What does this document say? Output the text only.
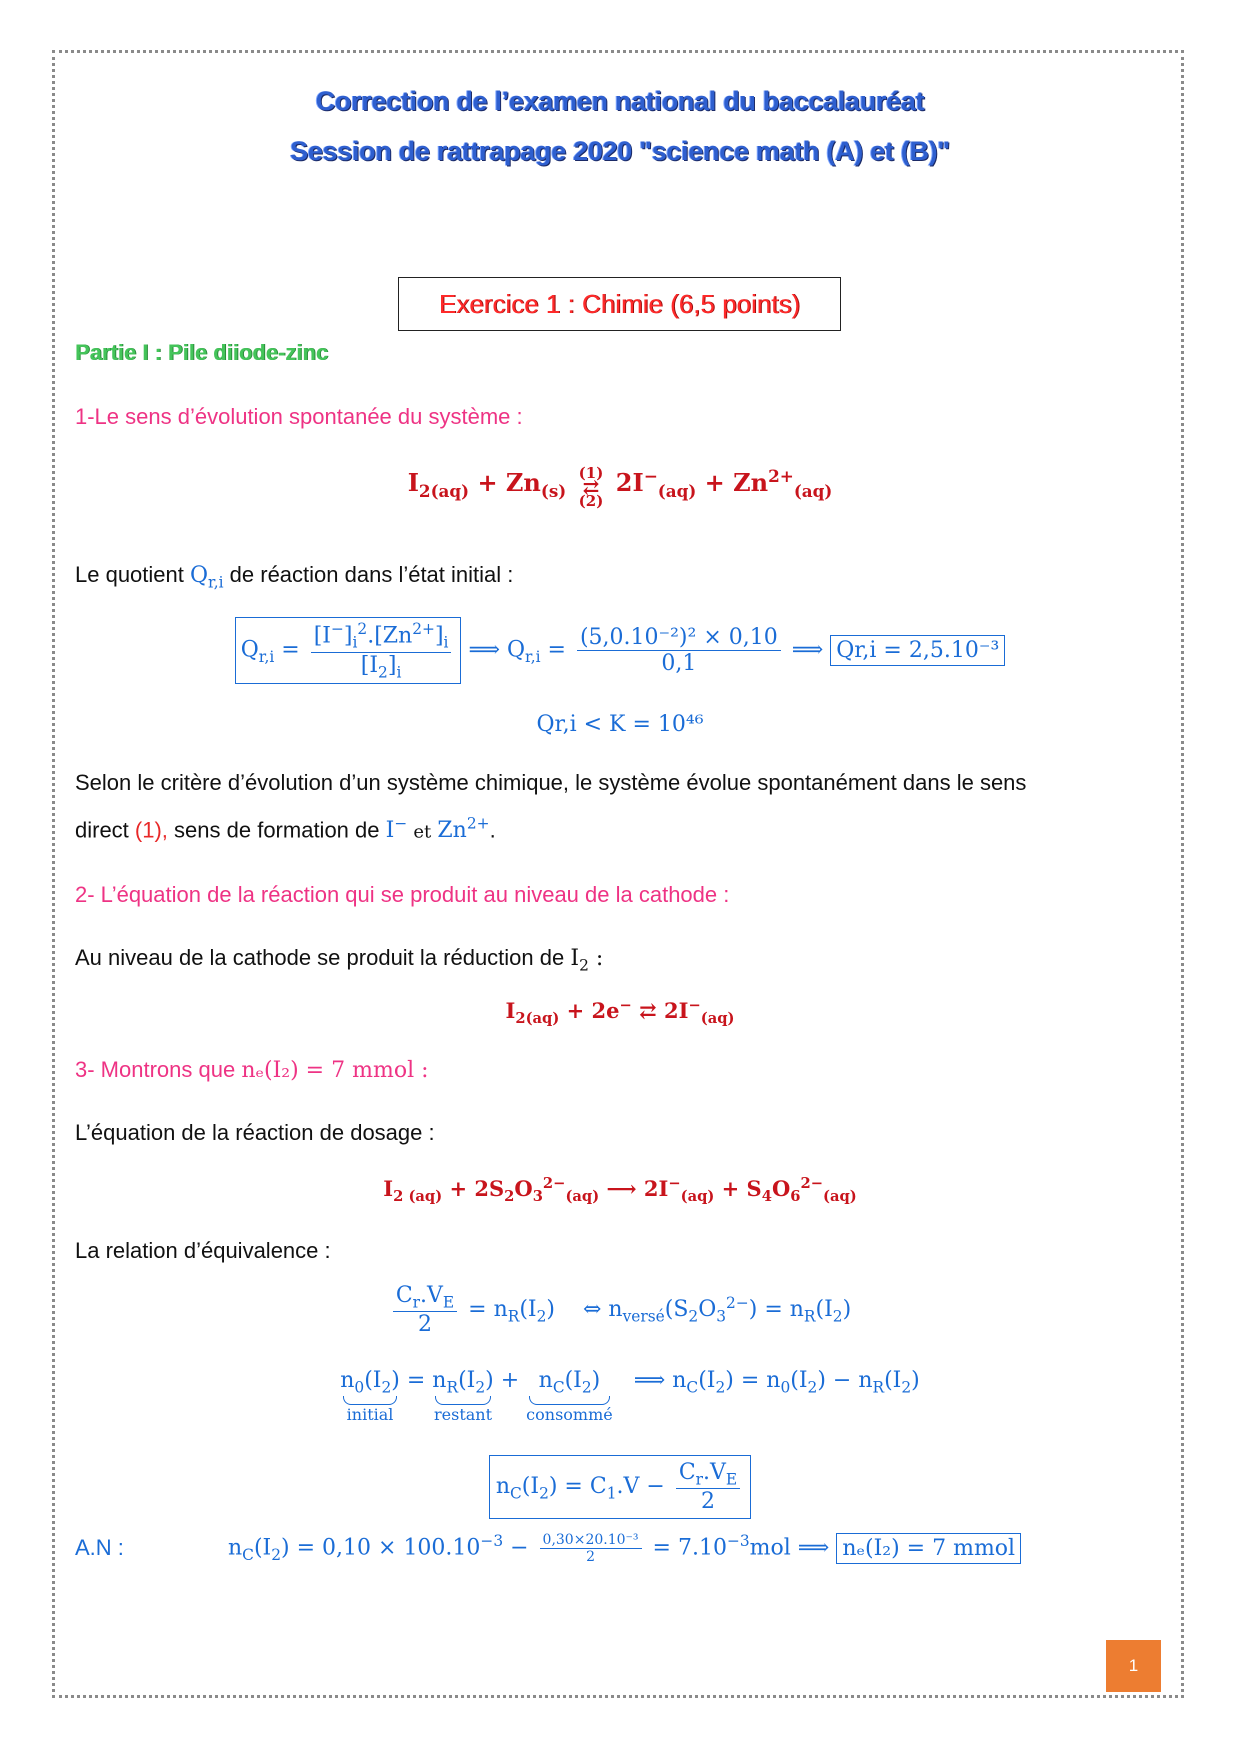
Correction de l’examen national du baccalauréat
Session de rattrapage 2020 "science math (A) et (B)"
Exercice 1 : Chimie (6,5 points)
Partie I : Pile diiode-zinc
1-Le sens d’évolution spontanée du système :
$I_{2(aq)} + Zn_{(s)}$
(1)
⇄
(2)
$2I^-_{(aq)} + Zn^{2+}_{(aq)}$
Le quotient $Q_{r,i}$ de réaction dans l’état initial :
$Q_{r,i} = \frac{[I^-]_i^2.[Zn^{2+}]_i}{[I_2]_i}$ ⟹ $Q_{r,i} = \frac{\text{(5,0.10⁻²)² × 0,10}}{0,1}$ ⟹ Qr,i = 2,5.10⁻³
Qr,i < K = 10⁴⁶
Selon le critère d’évolution d’un système chimique, le système évolue spontanément dans le sens
direct (1), sens de formation de I− et $Zn^{2+}$.
2- L’équation de la réaction qui se produit au niveau de la cathode :
Au niveau de la cathode se produit la réduction de $I_2$ :
$I_{2(aq)} + 2e^-$ ⇄ $2I^-_{(aq)}$
3- Montrons que nₑ(I₂) = 7 mmol :
L’équation de la réaction de dosage :
$I_{2 (aq)} + 2S_2O_3^{2-}_{(aq)}$ ⟶ $2I^-_{(aq)} + S_4O_6^{2-}_{(aq)}$
La relation d’équivalence :
$\frac{C_r.V_E}{2} = n_R(I_2)$    ⇔ $n_{versé}(S_2O_3^{2-}) = n_R(I_2)$
$n_0(I_2)$
initial
= $n_R(I_2)$
restant
+ $n_C(I_2)$
consommé
⟹ $n_C(I_2) = n_0(I_2) - n_R(I_2)$
$n_C(I_2) = C_1.V - \frac{C_r.V_E}{2}$
A.N :	$n_C(I_2) = 0,10 \times 100.10^{-3} - \frac{\text{0,30×20.10⁻³}}{2} = 7.10^{-3}mol$ ⟹ nₑ(I₂) = 7 mmol
1
